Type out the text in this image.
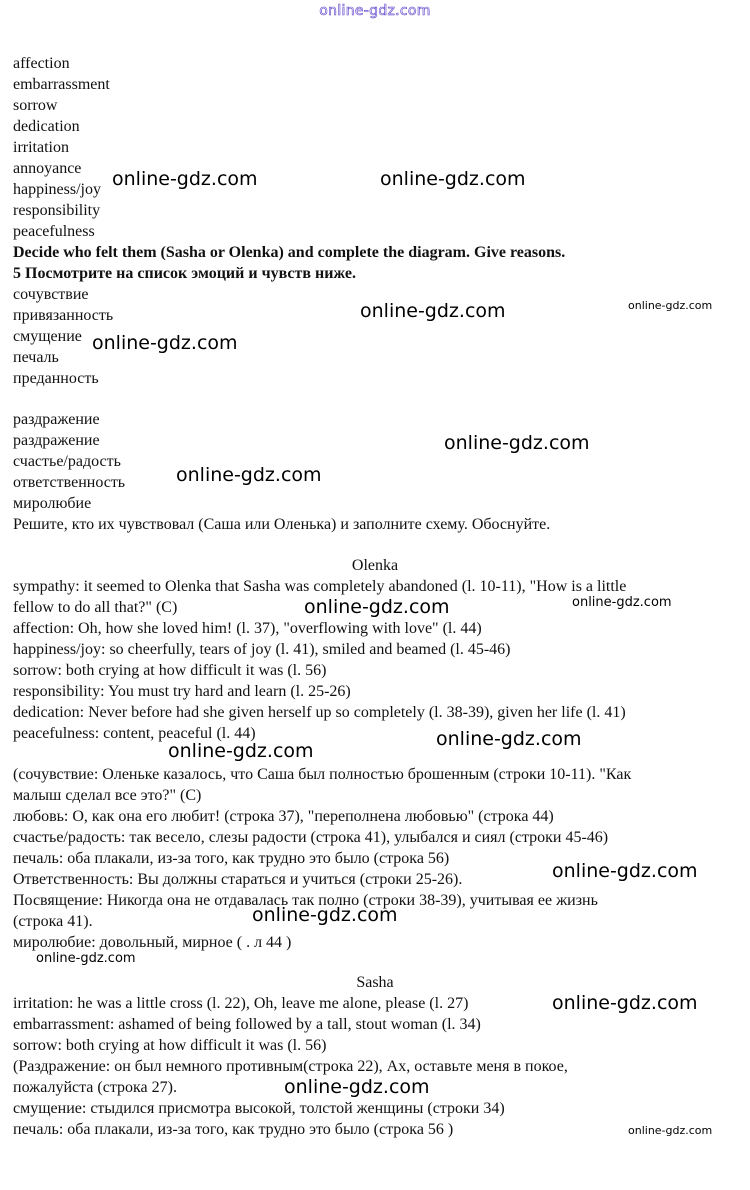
online-gdz.com
affection
embarrassment
sorrow
dedication
irritation
annoyance
happiness/joy
responsibility
peacefulness
Decide who felt them (Sasha or Olenka) and complete the diagram. Give reasons.
5 Посмотрите на список эмоций и чувств ниже.
сочувствие
привязанность
смущение
печаль
преданность
раздражение
раздражение
счастье/радость
ответственность
миролюбие
Решите, кто их чувствовал (Саша или Оленька) и заполните схему. Обоснуйте.
Olenka
sympathy: it seemed to Olenka that Sasha was completely abandoned (l. 10-11), "How is a little
fellow to do all that?" (C)
affection: Oh, how she loved him! (l. 37), "overflowing with love" (l. 44)
happiness/joy: so cheerfully, tears of joy (l. 41), smiled and beamed (l. 45-46)
sorrow: both crying at how difficult it was (l. 56)
responsibility: You must try hard and learn (l. 25-26)
dedication: Never before had she given herself up so completely (l. 38-39), given her life (l. 41)
peacefulness: content, peaceful (l. 44)
(сочувствие: Оленьке казалось, что Саша был полностью брошенным (строки 10-11). "Как
малыш сделал все это?" (С)
любовь: О, как она его любит! (строка 37), "переполнена любовью" (строка 44)
счастье/радость: так весело, слезы радости (строка 41), улыбался и сиял (строки 45-46)
печаль: оба плакали, из-за того, как трудно это было (строка 56)
Ответственность: Вы должны стараться и учиться (строки 25-26).
Посвящение: Никогда она не отдавалась так полно (строки 38-39), учитывая ее жизнь
(строка 41).
миролюбие: довольный, мирное ( . л 44 )
Sasha
irritation: he was a little cross (l. 22), Oh, leave me alone, please (l. 27)
embarrassment: ashamed of being followed by a tall, stout woman (l. 34)
sorrow: both crying at how difficult it was (l. 56)
(Раздражение: он был немного противным(строка 22), Ах, оставьте меня в покое,
пожалуйста (строка 27).
смущение: стыдился присмотра высокой, толстой женщины (строки 34)
печаль: оба плакали, из-за того, как трудно это было (строка 56 )
online-gdz.com	online-gdz.com
online-gdz.com	online-gdz.com
online-gdz.com
online-gdz.com
online-gdz.com
online-gdz.com	online-gdz.com
online-gdz.com
online-gdz.com
online-gdz.com
online-gdz.com
online-gdz.com
online-gdz.com
online-gdz.com
online-gdz.com
